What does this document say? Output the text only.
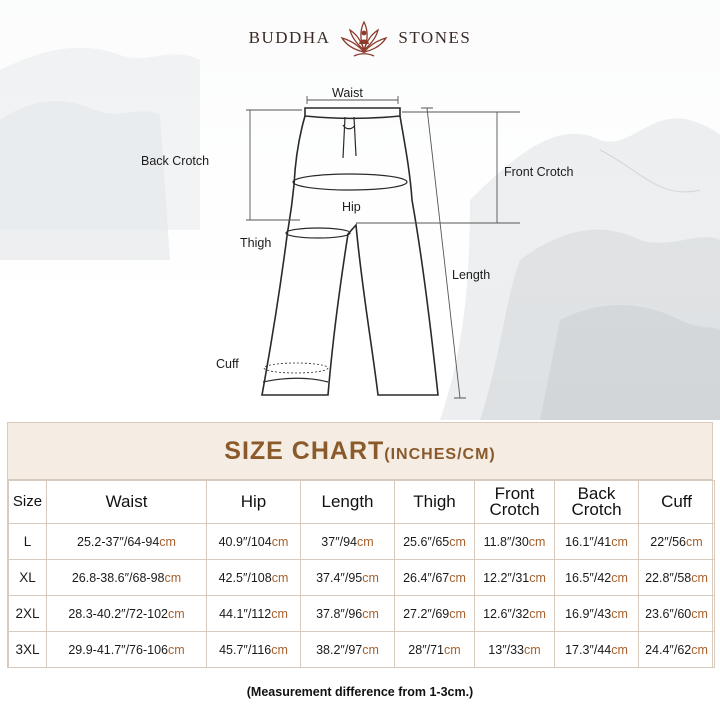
BUDDHA	STONES
Waist
Back Crotch
Front Crotch
Hip
Thigh
Length
Cuff
SIZE CHART(INCHES/CM)
Size	Waist	Hip	Length	Thigh	Front Crotch	Back Crotch	Cuff
L	25.2-37″/64-94cm	40.9″/104cm	37″/94cm	25.6″/65cm	11.8″/30cm	16.1″/41cm	22″/56cm
XL	26.8-38.6″/68-98cm	42.5″/108cm	37.4″/95cm	26.4″/67cm	12.2″/31cm	16.5″/42cm	22.8″/58cm
2XL	28.3-40.2″/72-102cm	44.1″/112cm	37.8″/96cm	27.2″/69cm	12.6″/32cm	16.9″/43cm	23.6″/60cm
3XL	29.9-41.7″/76-106cm	45.7″/116cm	38.2″/97cm	28″/71cm	13″/33cm	17.3″/44cm	24.4″/62cm
(Measurement difference from 1-3cm.)
